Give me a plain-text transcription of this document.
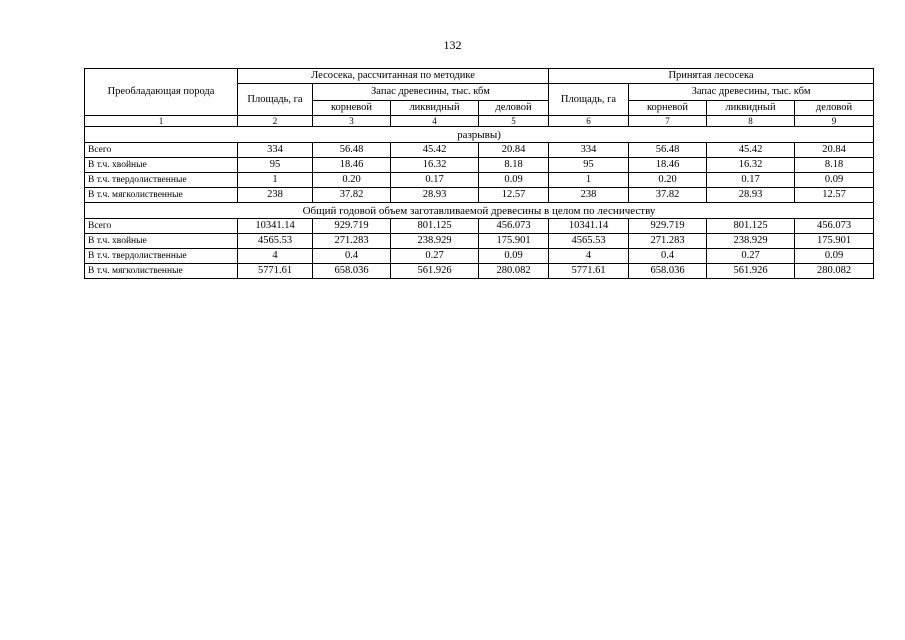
132
Преобладающая порода	Лесосека, рассчитанная по методике				Принятая лесосека			
	Площадь, га	Запас древесины, тыс. кбм			Площадь, га	Запас древесины, тыс. кбм		
		корневой	ликвидный	деловой		корневой	ликвидный	деловой
1	2	3	4	5	6	7	8	9
разрывы)								
Всего	334	56.48	45.42	20.84	334	56.48	45.42	20.84
В т.ч. хвойные	95	18.46	16.32	8.18	95	18.46	16.32	8.18
В т.ч. твердолиственные	1	0.20	0.17	0.09	1	0.20	0.17	0.09
В т.ч. мягколиственные	238	37.82	28.93	12.57	238	37.82	28.93	12.57
Общий годовой объем заготавливаемой древесины в целом по лесничеству								
Всего	10341.14	929.719	801.125	456.073	10341.14	929.719	801.125	456.073
В т.ч. хвойные	4565.53	271.283	238.929	175.901	4565.53	271.283	238.929	175.901
В т.ч. твердолиственные	4	0.4	0.27	0.09	4	0.4	0.27	0.09
В т.ч. мягколиственные	5771.61	658.036	561.926	280.082	5771.61	658.036	561.926	280.082
